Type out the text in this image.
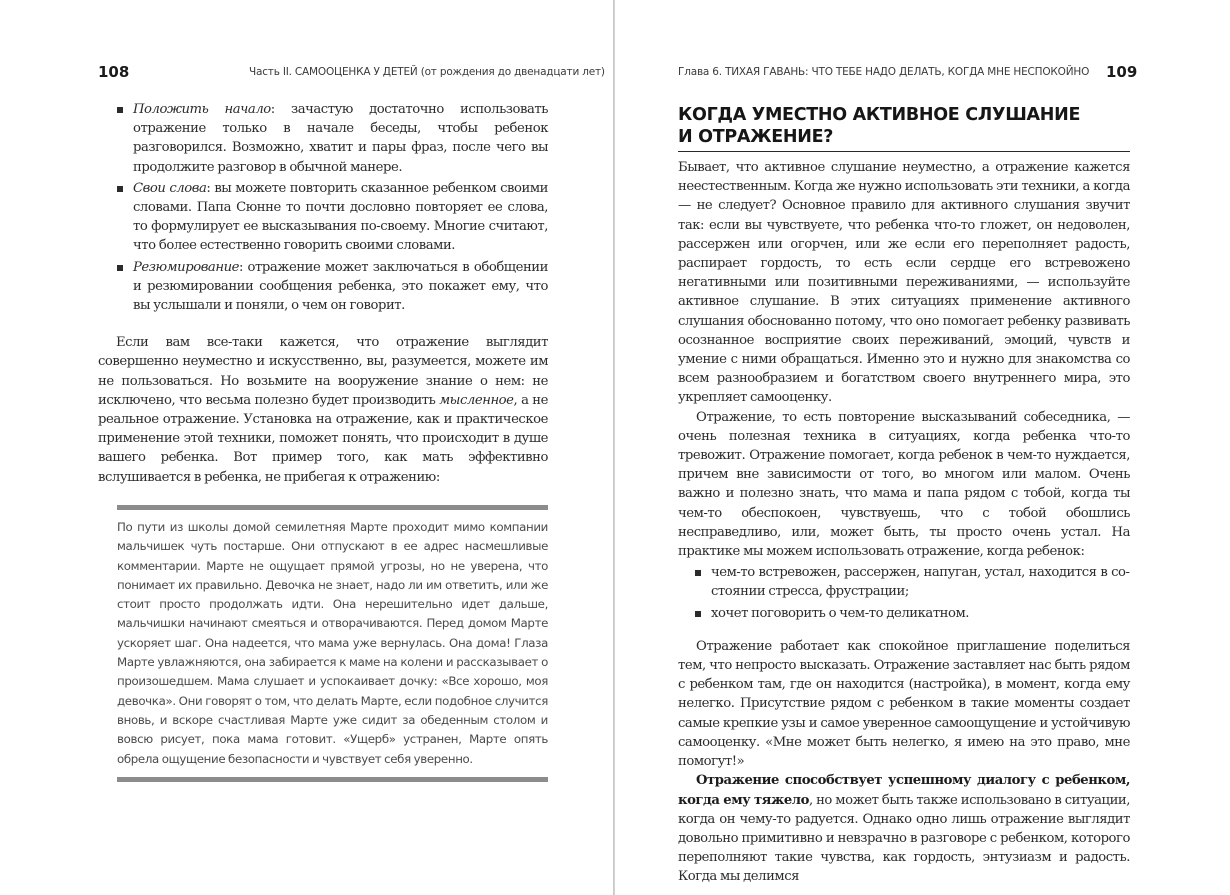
108	Часть II. САМООЦЕНКА У ДЕТЕЙ (от рождения до двенадцати лет)
Положить начало: зачастую достаточно использовать отражение только в начале беседы, чтобы ребенок разговорился. Возможно, хватит и пары фраз, после чего вы продолжите разговор в обычной манере.
Свои слова: вы можете повторить сказанное ребенком своими словами. Папа Сюнне то почти дословно повторяет ее слова, то формулирует ее высказывания по-своему. Многие считают, что более естественно говорить своими словами.
Резюмирование: отражение может заключаться в обобщении и резюмировании сообщения ребенка, это покажет ему, что вы услышали и поняли, о чем он говорит.

Если вам все-таки кажется, что отражение выглядит совершенно неуместно и искусственно, вы, разумеется, можете им не пользоваться. Но возьмите на вооружение знание о нем: не исключено, что весьма полезно будет производить мысленное, а не реальное отражение. Установка на отражение, как и практическое применение этой техники, поможет понять, что происходит в душе вашего ребенка. Вот пример того, как мать эффективно вслушивается в ребенка, не прибегая к отражению:

По пути из школы домой семилетняя Марте проходит мимо компании мальчишек чуть постарше. Они отпускают в ее адрес насмешливые комментарии. Марте не ощущает прямой угрозы, но не уверена, что понимает их правильно. Девочка не знает, надо ли им ответить, или же стоит просто продолжать идти. Она нерешительно идет дальше, мальчишки начинают смеяться и отворачиваются. Перед домом Марте ускоряет шаг. Она надеется, что мама уже вернулась. Она дома! Глаза Марте увлажняются, она забирается к маме на колени и рассказывает о произошедшем. Мама слушает и успокаивает дочку: «Все хорошо, моя девочка». Они говорят о том, что делать Марте, если подобное случится вновь, и вскоре счастливая Марте уже сидит за обеденным столом и вовсю рисует, пока мама готовит. «Ущерб» устранен, Марте опять обрела ощущение безопасности и чувствует себя уверенно.

Глава 6. ТИХАЯ ГАВАНЬ: ЧТО ТЕБЕ НАДО ДЕЛАТЬ, КОГДА МНЕ НЕСПОКОЙНО 109
КОГДА УМЕСТНО АКТИВНОЕ СЛУШАНИЕ
И ОТРАЖЕНИЕ?

Бывает, что активное слушание неуместно, а отражение кажется неестественным. Когда же нужно использовать эти техники, а когда — не следует? Основное правило для активного слушания звучит так: если вы чувствуете, что ребенка что-то гложет, он недоволен, рассержен или огорчен, или же если его переполняет радость, распирает гордость, то есть если сердце его встревожено негативными или позитивными переживаниями, — используйте активное слушание. В этих ситуациях применение активного слушания обоснованно потому, что оно помогает ребенку развивать осознанное восприятие своих переживаний, эмоций, чувств и умение с ними обращаться. Именно это и нужно для знакомства со всем разнообразием и богатством своего внутреннего мира, это укрепляет самооценку.

Отражение, то есть повторение высказываний собеседника, — очень полезная техника в ситуациях, когда ребенка что-то тревожит. Отражение помогает, когда ребенок в чем-то нуждается, причем вне зависимости от того, во многом или малом. Очень важно и полезно знать, что мама и папа рядом с тобой, когда ты чем-то обеспокоен, чувствуешь, что с тобой обошлись несправедливо, или, может быть, ты просто очень устал. На практике мы можем использовать отражение, когда ребенок:

чем-то встревожен, рассержен, напуган, устал, находится в состоянии стресса, фрустрации;
хочет поговорить о чем-то деликатном.

Отражение работает как спокойное приглашение поделиться тем, что непросто высказать. Отражение заставляет нас быть рядом с ребенком там, где он находится (настройка), в момент, когда ему нелегко. Присутствие рядом с ребенком в такие моменты создает самые крепкие узы и самое уверенное самоощущение и устойчивую самооценку. «Мне может быть нелегко, я имею на это право, мне помогут!»

Отражение способствует успешному диалогу с ребенком, когда ему тяжело, но может быть также использовано в ситуации, когда он чему-то радуется. Однако одно лишь отражение выглядит довольно примитивно и невзрачно в разговоре с ребенком, которого переполняют такие чувства, как гордость, энтузиазм и радость. Когда мы делимся
